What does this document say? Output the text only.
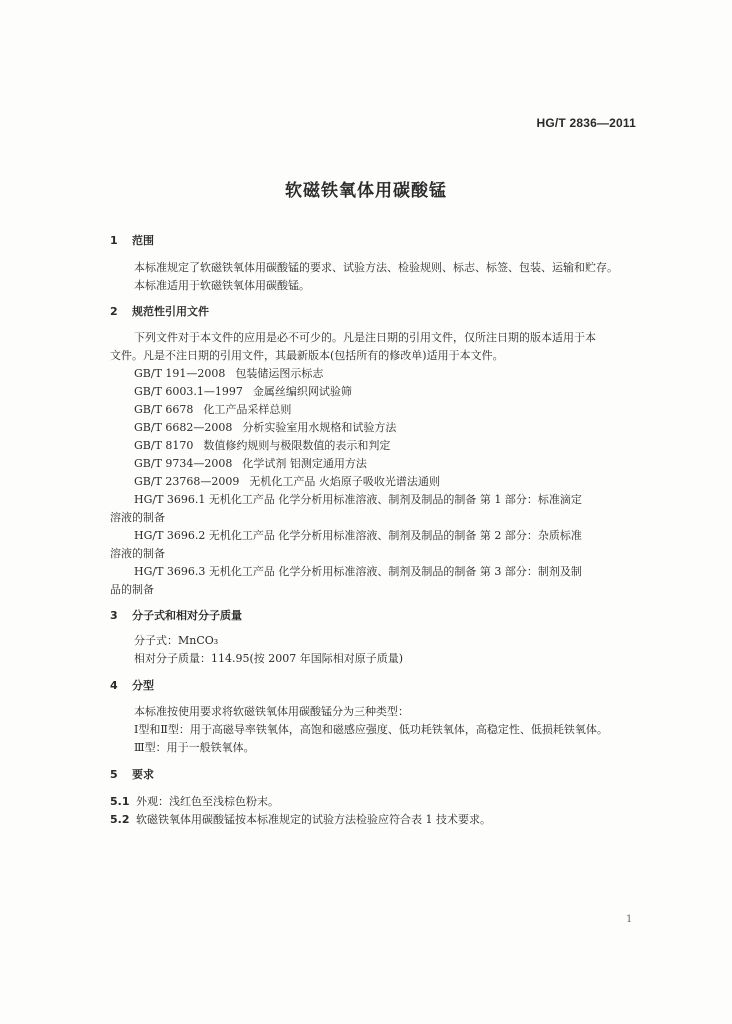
HG/T 2836—2011
软磁铁氧体用碳酸锰
1 范围
本标准规定了软磁铁氧体用碳酸锰的要求、试验方法、检验规则、标志、标签、包装、运输和贮存。
本标准适用于软磁铁氧体用碳酸锰。
2 规范性引用文件
下列文件对于本文件的应用是必不可少的。凡是注日期的引用文件，仅所注日期的版本适用于本
文件。凡是不注日期的引用文件，其最新版本(包括所有的修改单)适用于本文件。
GB/T 191—2008 包装储运图示标志
GB/T 6003.1—1997 金属丝编织网试验筛
GB/T 6678 化工产品采样总则
GB/T 6682—2008 分析实验室用水规格和试验方法
GB/T 8170 数值修约规则与极限数值的表示和判定
GB/T 9734—2008 化学试剂 铝测定通用方法
GB/T 23768—2009 无机化工产品 火焰原子吸收光谱法通则
HG/T 3696.1 无机化工产品 化学分析用标准溶液、制剂及制品的制备 第 1 部分：标准滴定
溶液的制备
HG/T 3696.2 无机化工产品 化学分析用标准溶液、制剂及制品的制备 第 2 部分：杂质标准
溶液的制备
HG/T 3696.3 无机化工产品 化学分析用标准溶液、制剂及制品的制备 第 3 部分：制剂及制
品的制备
3 分子式和相对分子质量
分子式：MnCO₃
相对分子质量：114.95(按 2007 年国际相对原子质量)
4 分型
本标准按使用要求将软磁铁氧体用碳酸锰分为三种类型：
Ⅰ型和Ⅱ型：用于高磁导率铁氧体，高饱和磁感应强度、低功耗铁氧体，高稳定性、低损耗铁氧体。
Ⅲ型：用于一般铁氧体。
5 要求
5.1 外观：浅红色至浅棕色粉末。
5.2 软磁铁氧体用碳酸锰按本标准规定的试验方法检验应符合表 1 技术要求。
1
